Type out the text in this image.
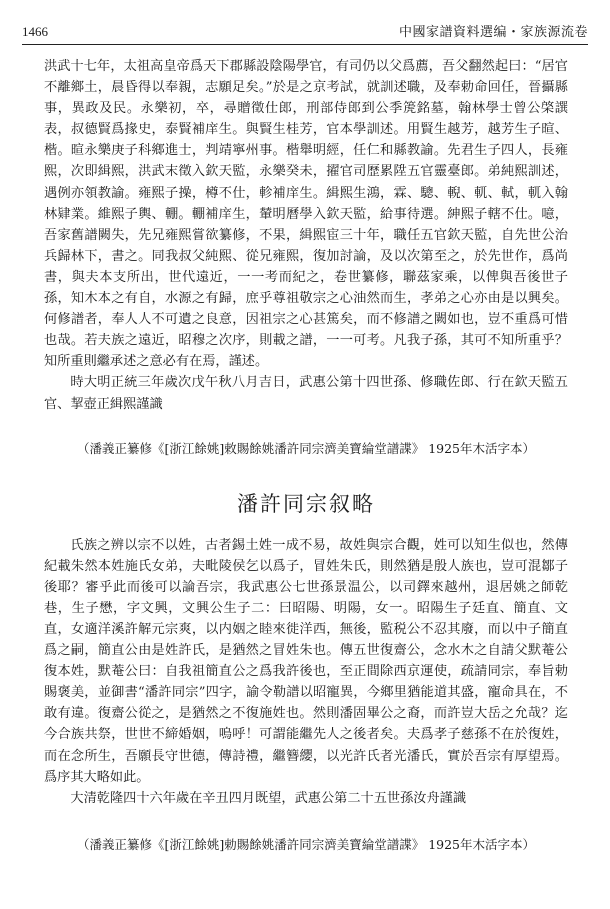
1466	中國家譜資料選编・家族源流卷

洪武十七年，太祖高皇帝爲天下郡縣設陰陽學官，有司仍以父爲薦，吾父翻然起曰：“居官不離鄉土，晨昏得以奉親，志願足矣。”於是之京考試，就訓述職，及奉勅命回任，晉攝縣事，異政及民。永樂初，卒，尋贈徵仕郎，刑部侍郎到公季箎銘墓，翰林學士曾公棨譔表，叔德賢爲掾史，泰賢補庠生。與賢生桂芳，官本學訓述。用賢生越芳，越芳生子暄、楷。暄永樂庚子科鄉進士，判靖寧州事。楷舉明經，任仁和縣教諭。先君生子四人，長雍熙，次即緝熙，洪武末徵入欽天監，永樂癸未，擢官司歷累陞五官靈臺郎。弟純熙訓述，遇例亦領教諭。雍熙子操，樽不仕，軫補庠生。緝熙生鴻，霖、驄、輗、軏、軾，軏入翰林肄業。維熙子輿、輣。輣補庠生，輦明曆學入欽天監，給事待選。紳熙子轄不仕。噫，吾家舊譜闕失，先兄雍熙嘗欲纂修，不果，緝熙宦三十年，職任五官欽天監，自先世公治兵歸林下，書之。同我叔父純熙、從兄雍熙，復加討論，及以次第至之，於先世作，爲尚書，與夫本支所出，世代遠近，一一考而紀之，卷世纂修，聯茲家乘，以俾與吾後世子孫，知木本之有自，水源之有歸，庶乎尊祖敬宗之心油然而生，孝弟之心亦由是以興矣。何修譜者，奉人人不可遺之良意，因祖宗之心甚篤矣，而不修譜之闕如也，豈不重爲可惜也哉。若夫族之遠近，昭穆之次序，則載之譜，一一可考。凡我子孫，其可不知所重乎？知所重則繼承述之意必有在焉，謹述。

時大明正統三年歲次戊午秋八月吉日，武惠公第十四世孫、修職佐郎、行在欽天監五官、挈壺正緝熙謹識

（潘義正纂修《[浙江餘姚]敕賜餘姚潘許同宗濟美寶綸堂譜諜》 1925年木活字本）

潘許同宗叙略

氏族之辨以宗不以姓，古者錫土姓一成不易，故姓與宗合觀，姓可以知生似也，然傳紀載朱然本姓施氏女弟，夫毗陵侯乞以爲子，冒姓朱氏，則然猶是殷人族也，豈可混鄒子後耶？審乎此而後可以論吾宗，我武惠公七世孫景温公，以司鐸來越州，退居姚之師乾巷，生子懋，字文興，文興公生子二：曰昭陽、明陽，女一。昭陽生子廷直、簡直、文直，女適洋溪許解元宗爽，以内姻之睦來徙洋西，無後，監税公不忍其廢，而以中子簡直爲之嗣，簡直公由是姓許氏，是猶然之冒姓朱也。傳五世復齋公，念水木之自請父默菴公復本姓，默菴公曰：自我祖簡直公之爲我許後也，至正間除西京運使，疏請同宗，奉旨勅賜褒美，並御書“潘許同宗”四字，諭令勒譜以昭寵異，今鄉里猶能道其盛，寵命具在，不敢有違。復齋公從之，是猶然之不復施姓也。然則潘固畢公之裔，而許豈大岳之允哉？迄今合族共祭，世世不締婚姻，嗚呼！可謂能繼先人之後者矣。夫爲孝子慈孫不在於復姓，而在念所生，吾願長守世德，傳詩禮，繼簪纓，以光許氏者光潘氏，實於吾宗有厚望焉。爲序其大略如此。

大清乾隆四十六年歲在辛丑四月既望，武惠公第二十五世孫汝舟謹識

（潘義正纂修《[浙江餘姚]勅賜餘姚潘許同宗濟美寶綸堂譜諜》 1925年木活字本）
